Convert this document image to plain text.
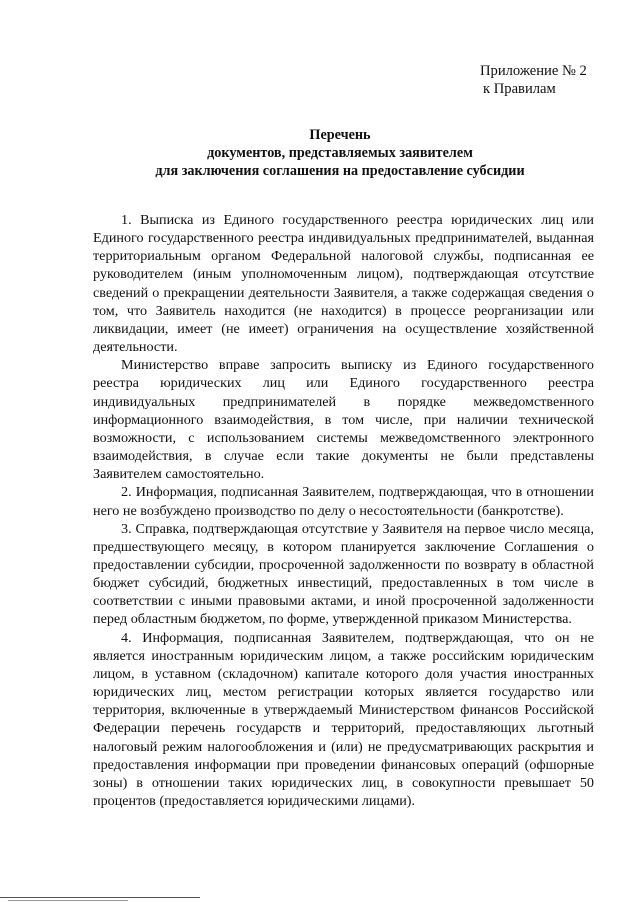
Приложение № 2
к Правилам
Перечень
документов, представляемых заявителем
для заключения соглашения на предоставление субсидии

1. Выписка из Единого государственного реестра юридических лиц или Единого государственного реестра индивидуальных предпринимателей, выданная территориальным органом Федеральной налоговой службы, подписанная ее руководителем (иным уполномоченным лицом), подтверждающая отсутствие сведений о прекращении деятельности Заявителя, а также содержащая сведения о том, что Заявитель находится (не находится) в процессе реорганизации или ликвидации, имеет (не имеет) ограничения на осуществление хозяйственной деятельности.

Министерство вправе запросить выписку из Единого государственного реестра юридических лиц или Единого государственного реестра индивидуальных предпринимателей в порядке межведомственного информационного взаимодействия, в том числе, при наличии технической возможности, с использованием системы межведомственного электронного взаимодействия, в случае если такие документы не были представлены Заявителем самостоятельно.

2. Информация, подписанная Заявителем, подтверждающая, что в отношении него не возбуждено производство по делу о несостоятельности (банкротстве).

3. Справка, подтверждающая отсутствие у Заявителя на первое число месяца, предшествующего месяцу, в котором планируется заключение Соглашения о предоставлении субсидии, просроченной задолженности по возврату в областной бюджет субсидий, бюджетных инвестиций, предоставленных в том числе в соответствии с иными правовыми актами, и иной просроченной задолженности перед областным бюджетом, по форме, утвержденной приказом Министерства.

4. Информация, подписанная Заявителем, подтверждающая, что он не является иностранным юридическим лицом, а также российским юридическим лицом, в уставном (складочном) капитале которого доля участия иностранных юридических лиц, местом регистрации которых является государство или территория, включенные в утверждаемый Министерством финансов Российской Федерации перечень государств и территорий, предоставляющих льготный налоговый режим налогообложения и (или) не предусматривающих раскрытия и предоставления информации при проведении финансовых операций (офшорные зоны) в отношении таких юридических лиц, в совокупности превышает 50 процентов (предоставляется юридическими лицами).
